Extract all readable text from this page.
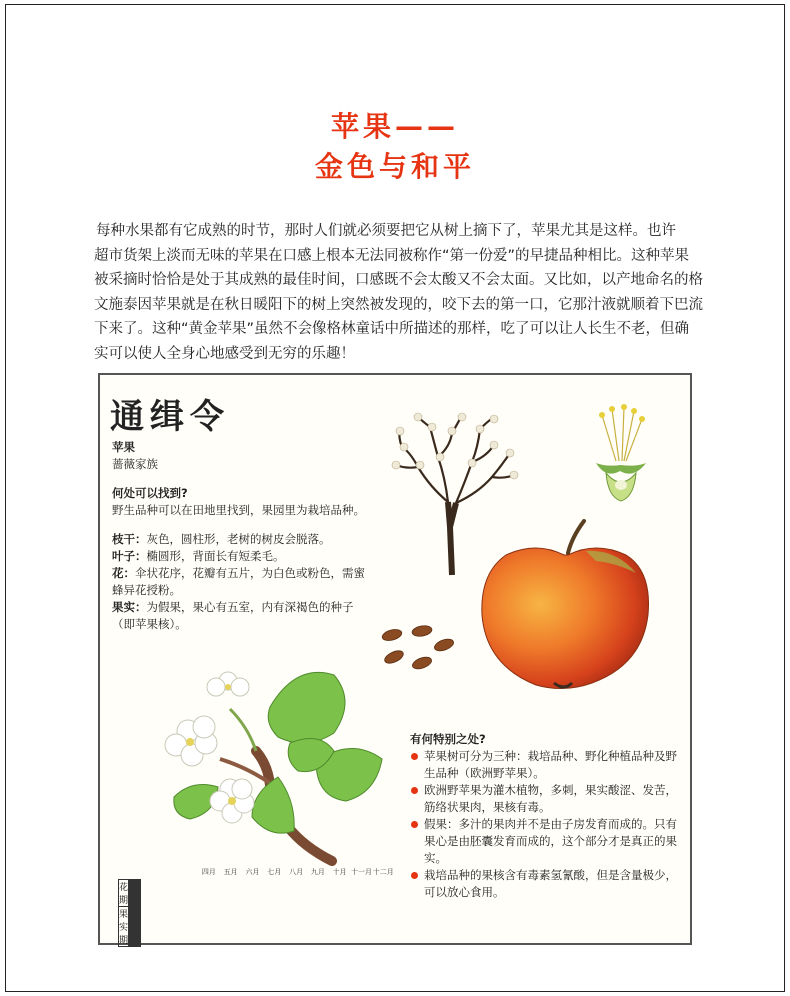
苹果——
金色与和平
每种水果都有它成熟的时节，那时人们就必须要把它从树上摘下了，苹果尤其是这样。也许
超市货架上淡而无味的苹果在口感上根本无法同被称作“第一份爱”的早捷品种相比。这种苹果
被采摘时恰恰是处于其成熟的最佳时间，口感既不会太酸又不会太面。又比如，以产地命名的格
文施泰因苹果就是在秋日暖阳下的树上突然被发现的，咬下去的第一口，它那汁液就顺着下巴流
下来了。这种“黄金苹果”虽然不会像格林童话中所描述的那样，吃了可以让人长生不老，但确
实可以使人全身心地感受到无穷的乐趣！
通缉令

苹果

蔷薇家族

何处可以找到?

野生品种可以在田地里找到，果园里为栽培品种。

枝干：灰色，圆柱形，老树的树皮会脱落。

叶子：椭圆形，背面长有短柔毛。

花：伞状花序，花瓣有五片，为白色或粉色，需蜜蜂异花授粉。

果实：为假果，果心有五室，内有深褐色的种子（即苹果核）。

四月	五月	六月	七月	八月	九月	十月 十一月 十二月
花 期												
果实期												
有何特别之处?
苹果树可分为三种：栽培品种、野化种植品种及野生品种（欧洲野苹果）。
欧洲野苹果为灌木植物，多刺，果实酸涩、发苦，筋络状果肉，果核有毒。
假果：多汁的果肉并不是由子房发育而成的。只有果心是由胚囊发育而成的，这个部分才是真正的果实。
栽培品种的果核含有毒素氢氰酸，但是含量极少，可以放心食用。
